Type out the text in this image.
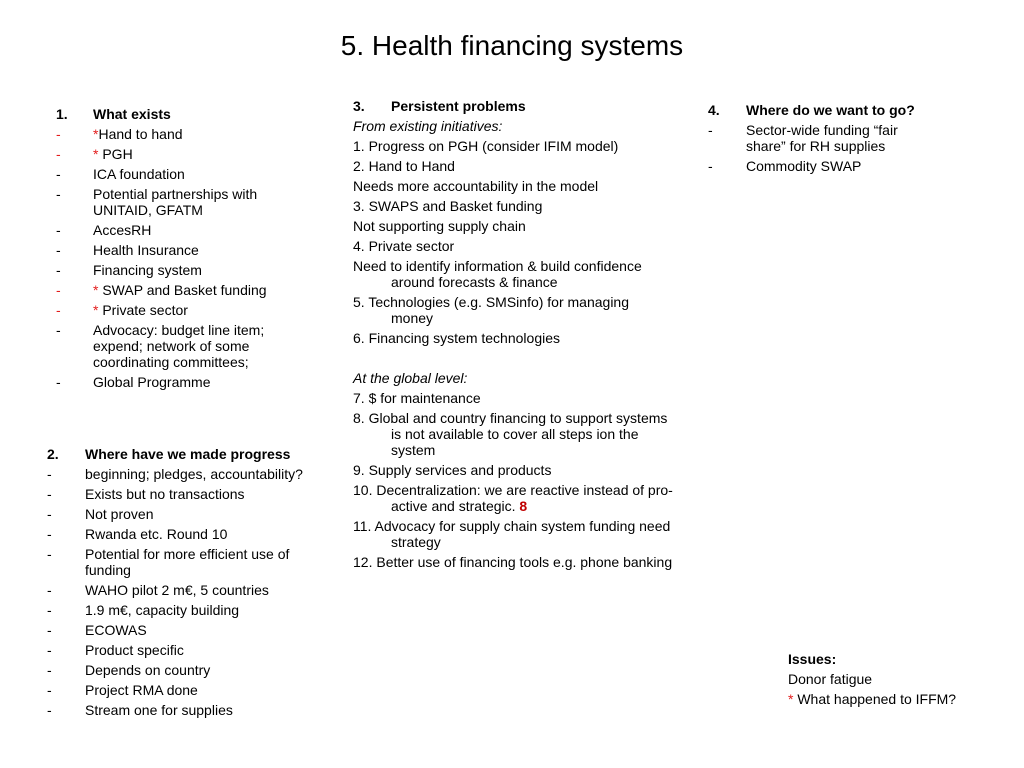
5. Health financing systems
1.	What exists
-	*Hand to hand
-	* PGH
-	ICA foundation
-	Potential partnerships with UNITAID, GFATM
-	AccesRH
-	Health Insurance
-	Financing system
-	* SWAP and Basket funding
-	* Private sector
-	Advocacy: budget line item; expend; network of some coordinating committees;
-	Global Programme
2.	Where have we made progress
-	beginning; pledges, accountability?
-	Exists but no transactions
-	Not proven
-	Rwanda etc. Round 10
-	Potential for more efficient use of funding
-	WAHO pilot 2 m€, 5 countries
-	1.9 m€, capacity building
-	ECOWAS
-	Product specific
-	Depends on country
-	Project RMA done
-	Stream one for supplies
3.	Persistent problems
From existing initiatives:
1. Progress on PGH (consider IFIM model)
2. Hand to Hand
Needs more accountability in the model
3. SWAPS and Basket funding
Not supporting supply chain
4. Private sector
Need to identify information & build confidence around forecasts & finance
5. Technologies (e.g. SMSinfo) for managing money
6. Financing system technologies
At the global level:
7. $ for maintenance
8. Global and country financing to support systems is not available to cover all steps ion the system
9. Supply services and products
10. Decentralization: we are reactive instead of pro-active and strategic. 8
11. Advocacy for supply chain system funding need strategy
12. Better use of financing tools e.g. phone banking
4.	Where do we want to go?
-	Sector-wide funding “fair share” for RH supplies
-	Commodity SWAP
Issues:
Donor fatigue
* What happened to IFFM?
